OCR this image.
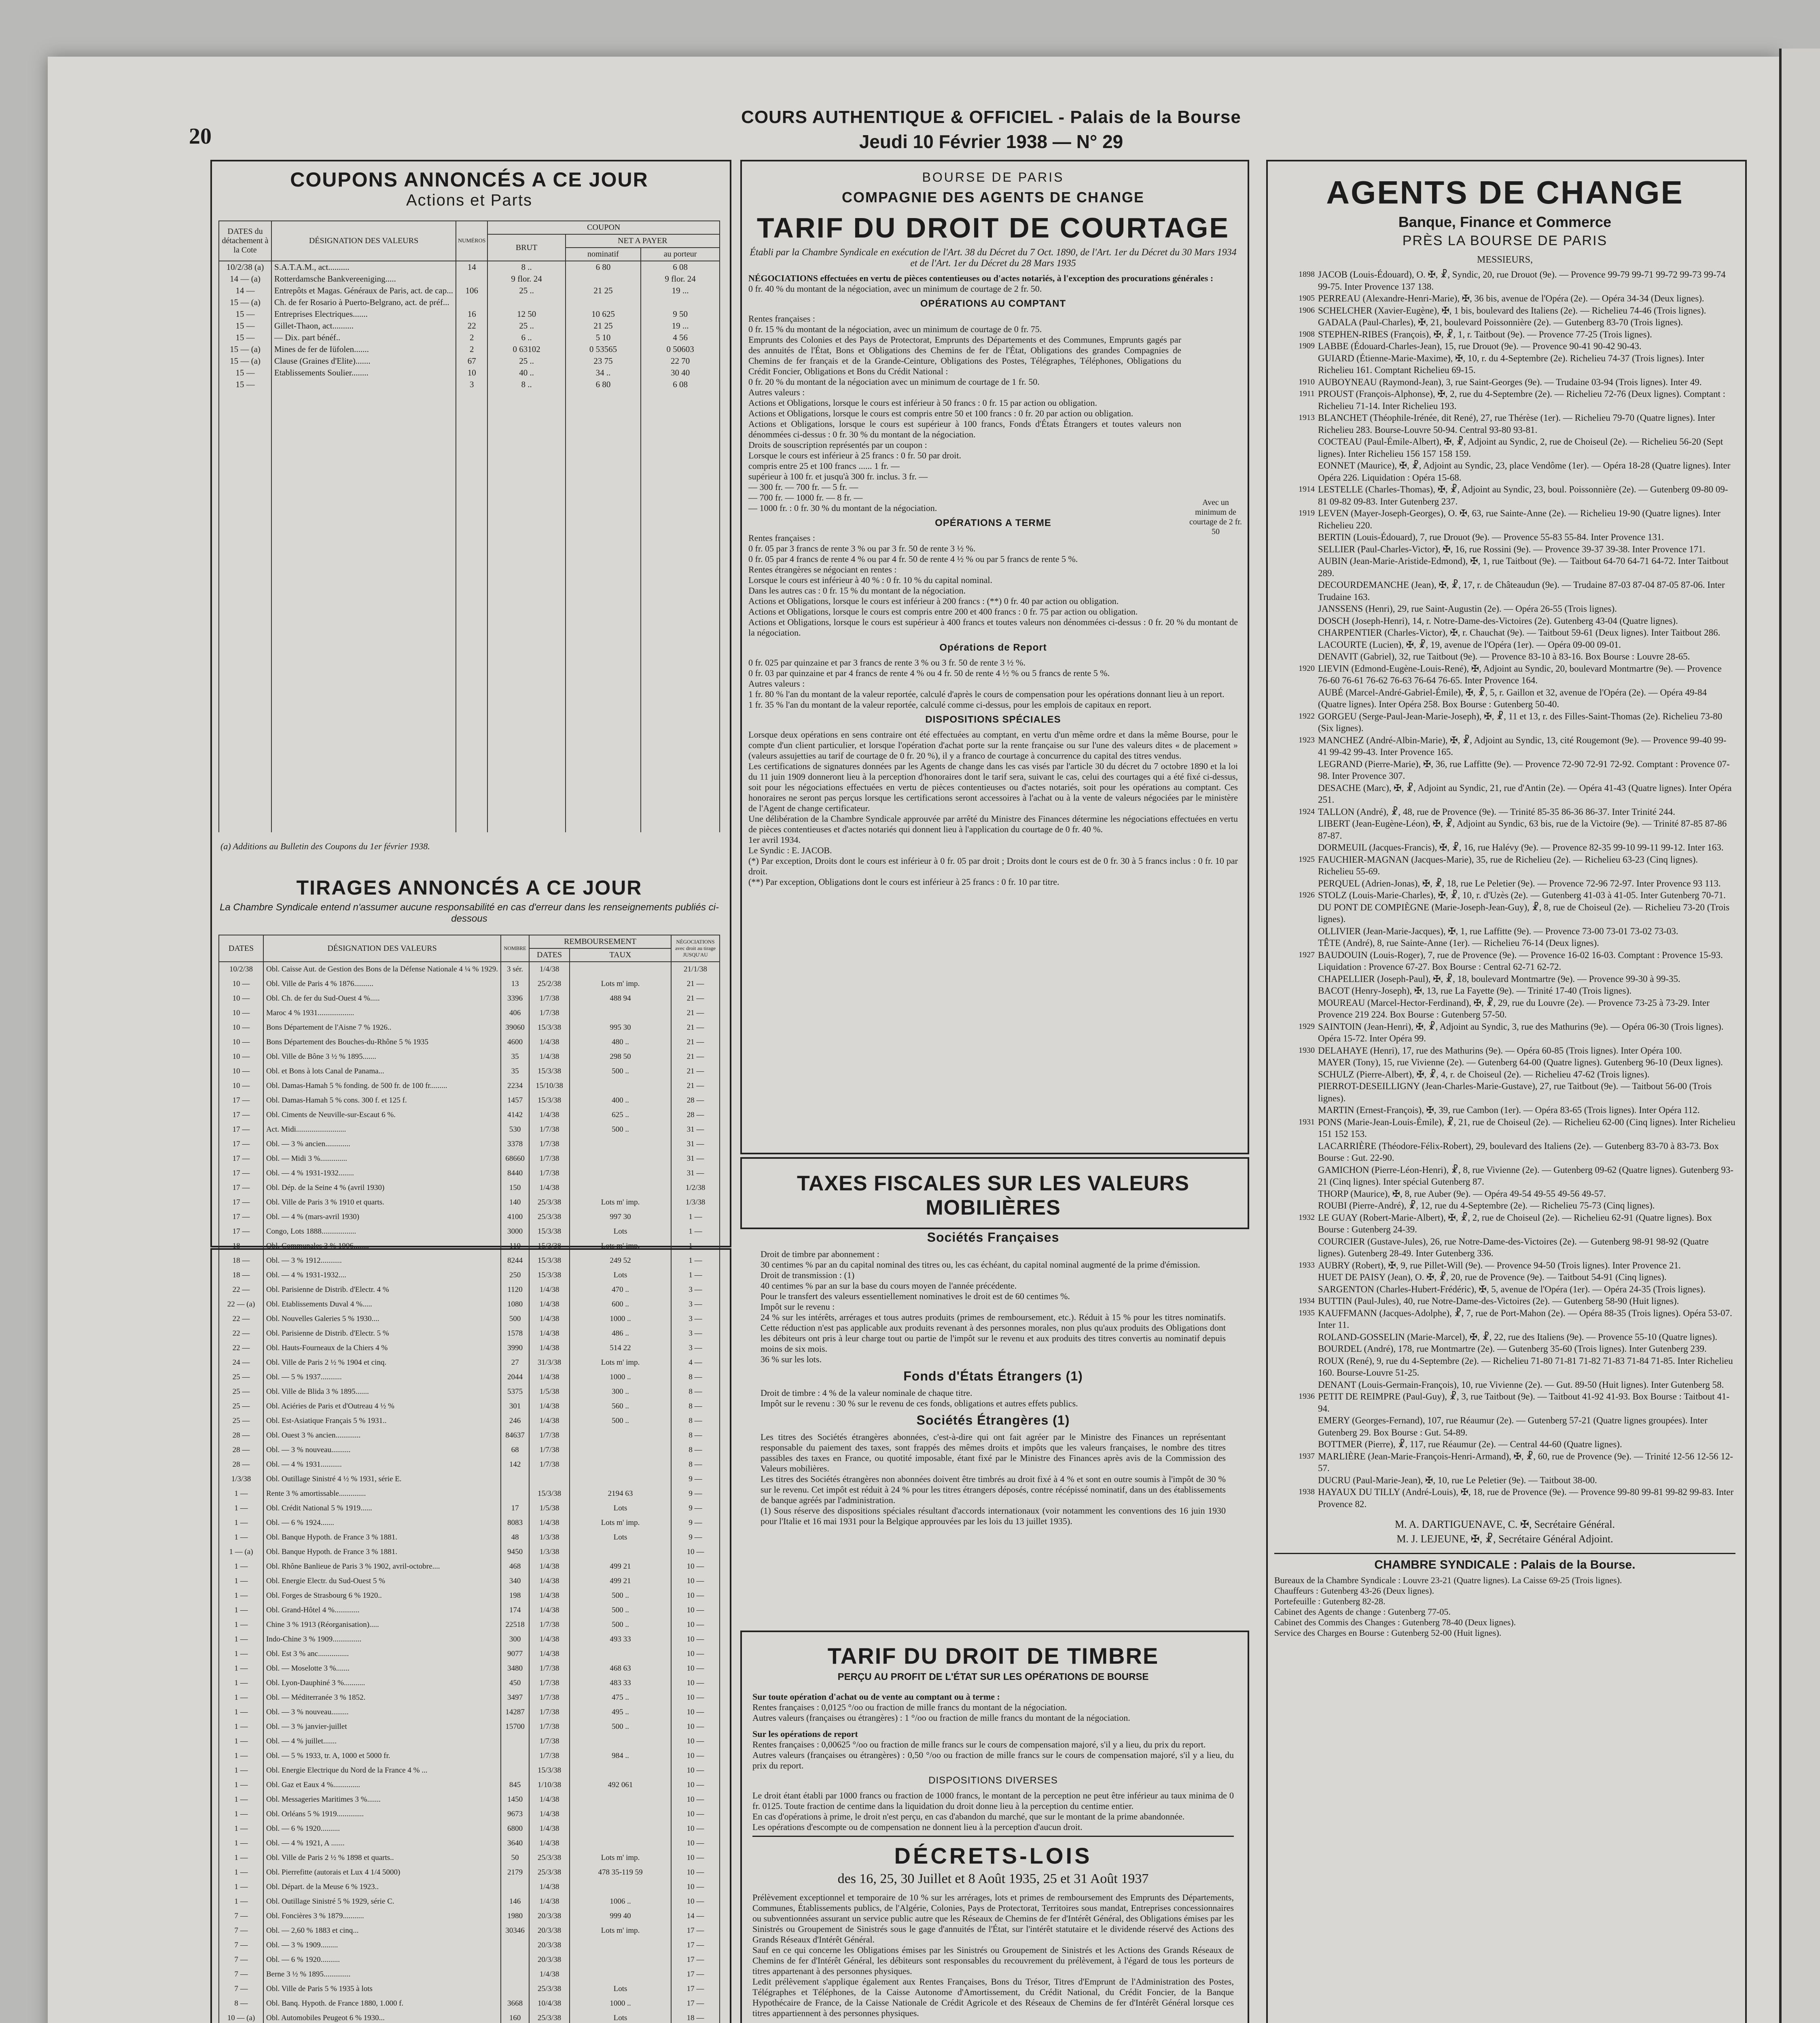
20
COURS AUTHENTIQUE & OFFICIEL - Palais de la Bourse
Jeudi 10 Février 1938 — N° 29
COUPONS ANNONCÉS A CE JOUR
Actions et Parts
DATES du détachement à la Cote	DÉSIGNATION DES VALEURS	NUMÉROS	COUPON		
			BRUT	NET A PAYER	
				nominatif	au porteur
10/2/38 (a)	S.A.T.A.M., act..........	14	8 ..	6 80	6 08
14 — (a)	Rotterdamsche Bankvereeniging.....		9 flor. 24		9 flor. 24
14 —	Entrepôts et Magas. Généraux de Paris, act. de cap...	106	25 ..	21 25	19 ...
15 — (a)	Ch. de fer Rosario à Puerto-Belgrano, act. de préf...				
15 —	Entreprises Electriques.......	16	12 50	10 625	9 50
15 —	Gillet-Thaon, act..........	22	25 ..	21 25	19 ...
15 —	— Dix. part bénéf..	2	6 ..	5 10	4 56
15 — (a)	Mines de fer de Iüfolen.......	2	0 63102	0 53565	0 50603
15 — (a)	Clause (Graines d'Elite).......	67	25 ..	23 75	22 70
15 —	Etablissements Soulier........	10	40 ..	34 ..	30 40
15 —		3	8 ..	6 80	6 08

(a) Additions au Bulletin des Coupons du 1er février 1938.
TIRAGES ANNONCÉS A CE JOUR
La Chambre Syndicale entend n'assumer aucune responsabilité en cas d'erreur dans les renseignements publiés ci-dessous
DATES	DÉSIGNATION DES VALEURS	NOMBRE	REMBOURSEMENT		NÉGOCIATIONS avec droit au tirage JUSQU'AU
			DATES	TAUX	
10/2/38	Obl. Caisse Aut. de Gestion des Bons de la Défense Nationale 4 ¼ % 1929.	3 sér.	1/4/38		21/1/38
10 —	Obl. Ville de Paris 4 % 1876..........	13	25/2/38	Lots m' imp.	21 —
10 —	Obl. Ch. de fer du Sud-Ouest 4 %.....	3396	1/7/38	488 94	21 —
10 —	Maroc 4 % 1931...................	406	1/7/38		21 —
10 —	Bons Département de l'Aisne 7 % 1926..	39060	15/3/38	995 30	21 —
10 —	Bons Département des Bouches-du-Rhône 5 % 1935	4600	1/4/38	480 ..	21 —
10 —	Obl. Ville de Bône 3 ½ % 1895.......	35	1/4/38	298 50	21 —
10 —	Obl. et Bons à lots Canal de Panama...	35	15/3/38	500 ..	21 —
10 —	Obl. Damas-Hamah 5 % fonding. de 500 fr. de 100 fr.........	2234	15/10/38		21 —
17 —	Obl. Damas-Hamah 5 % cons. 300 f. et 125 f.	1457	15/3/38	400 ..	28 —
17 —	Obl. Ciments de Neuville-sur-Escaut 6 %.	4142	1/4/38	625 ..	28 —
17 —	Act. Midi..........................	530	1/7/38	500 ..	31 —
17 —	Obl. — 3 % ancien.............	3378	1/7/38		31 —
17 —	Obl. — Midi 3 %..............	68660	1/7/38		31 —
17 —	Obl. — 4 % 1931-1932........	8440	1/7/38		31 —
17 —	Obl. Dép. de la Seine 4 % (avril 1930)	150	1/4/38		1/2/38
17 —	Obl. Ville de Paris 3 % 1910 et quarts.	140	25/3/38	Lots m' imp.	1/3/38
17 —	Obl. — 4 % (mars-avril 1930)	4100	25/3/38	997 30	1 —
17 —	Congo, Lots 1888..................	3000	15/3/38	Lots	1 —
18 —	Obl. Communales 3 % 1906........	110	15/3/38	Lots m' imp.	1 —
18 —	Obl. — 3 % 1912...........	8244	15/3/38	249 52	1 —
18 —	Obl. — 4 % 1931-1932....	250	15/3/38	Lots	1 —
22 —	Obl. Parisienne de Distrib. d'Electr. 4 %	1120	1/4/38	470 ..	3 —
22 — (a)	Obl. Etablissements Duval 4 %.....	1080	1/4/38	600 ..	3 —
22 —	Obl. Nouvelles Galeries 5 % 1930....	500	1/4/38	1000 ..	3 —
22 —	Obl. Parisienne de Distrib. d'Electr. 5 %	1578	1/4/38	486 ..	3 —
22 —	Obl. Hauts-Fourneaux de la Chiers 4 %	3990	1/4/38	514 22	3 —
24 —	Obl. Ville de Paris 2 ½ % 1904 et cinq.	27	31/3/38	Lots m' imp.	4 —
25 —	Obl. — 5 % 1937...........	2044	1/4/38	1000 ..	8 —
25 —	Obl. Ville de Blida 3 % 1895.......	5375	1/5/38	300 ..	8 —
25 —	Obl. Aciéries de Paris et d'Outreau 4 ½ %	301	1/4/38	560 ..	8 —
25 —	Obl. Est-Asiatique Français 5 % 1931..	246	1/4/38	500 ..	8 —
28 —	Obl. Ouest 3 % ancien.............	84637	1/7/38		8 —
28 —	Obl. — 3 % nouveau..........	68	1/7/38		8 —
28 —	Obl. — 4 % 1931...........	142	1/7/38		8 —
1/3/38	Obl. Outillage Sinistré 4 ½ % 1931, série E.				9 —
1 —	Rente 3 % amortissable..............		15/3/38	2194 63	9 —
1 —	Obl. Crédit National 5 % 1919......	17	1/5/38	Lots	9 —
1 —	Obl. — 6 % 1924.......	8083	1/4/38	Lots m' imp.	9 —
1 —	Obl. Banque Hypoth. de France 3 % 1881.	48	1/3/38	Lots	9 —
1 — (a)	Obl. Banque Hypoth. de France 3 % 1881.	9450	1/3/38		10 —
1 —	Obl. Rhône Banlieue de Paris 3 % 1902, avril-octobre....	468	1/4/38	499 21	10 —
1 —	Obl. Energie Electr. du Sud-Ouest 5 %	340	1/4/38	499 21	10 —
1 —	Obl. Forges de Strasbourg 6 % 1920..	198	1/4/38	500 ..	10 —
1 —	Obl. Grand-Hôtel 4 %.............	174	1/4/38	500 ..	10 —
1 —	Chine 3 % 1913 (Réorganisation).....	22518	1/7/38	500 ..	10 —
1 —	Indo-Chine 3 % 1909...............	300	1/4/38	493 33	10 —
1 —	Obl. Est 3 % anc................	9077	1/4/38		10 —
1 —	Obl. — Moselotte 3 %.......	3480	1/7/38	468 63	10 —
1 —	Obl. Lyon-Dauphiné 3 %...........	450	1/7/38	483 33	10 —
1 —	Obl. — Méditerranée 3 % 1852.	3497	1/7/38	475 ..	10 —
1 —	Obl. — 3 % nouveau.........	14287	1/7/38	495 ..	10 —
1 —	Obl. — 3 % janvier-juillet	15700	1/7/38	500 ..	10 —
1 —	Obl. — 4 % juillet.......		1/7/38		10 —
1 —	Obl. — 5 % 1933, tr. A, 1000 et 5000 fr.		1/7/38	984 ..	10 —
1 —	Obl. Energie Electrique du Nord de la France 4 % ...		15/3/38		10 —
1 —	Obl. Gaz et Eaux 4 %..............	845	1/10/38	492 061	10 —
1 —	Obl. Messageries Maritimes 3 %.......	1450	1/4/38		10 —
1 —	Obl. Orléans 5 % 1919..............	9673	1/4/38		10 —
1 —	Obl. — 6 % 1920..........	6800	1/4/38		10 —
1 —	Obl. — 4 % 1921, A .......	3640	1/4/38		10 —
1 —	Obl. Ville de Paris 2 ½ % 1898 et quarts..	50	25/3/38	Lots m' imp.	10 —
1 —	Obl. Pierrefitte (autorais et Lux 4 1/4 5000)	2179	25/3/38	478 35-119 59	10 —
1 —	Obl. Départ. de la Meuse 6 % 1923..		1/4/38		10 —
1 —	Obl. Outillage Sinistré 5 % 1929, série C.	146	1/4/38	1006 ..	10 —
7 —	Obl. Foncières 3 % 1879...........	1980	20/3/38	999 40	14 —
7 —	Obl. — 2,60 % 1883 et cinq...	30346	20/3/38	Lots m' imp.	17 —
7 —	Obl. — 3 % 1909.........		20/3/38		17 —
7 —	Obl. — 6 % 1920..........		20/3/38		17 —
7 —	Berne 3 ½ % 1895..............		1/4/38		17 —
7 —	Obl. Ville de Paris 5 % 1935 à lots		25/3/38	Lots	17 —
8 —	Obl. Banq. Hypoth. de France 1880, 1.000 f.	3668	10/4/38	1000 ..	17 —
10 — (a)	Obl. Automobiles Peugeot 6 % 1930...	160	25/3/38	Lots	18 —

BOURSE DE PARIS
COMPAGNIE DES AGENTS DE CHANGE
TARIF DU DROIT DE COURTAGE
Établi par la Chambre Syndicale en exécution de l'Art. 38 du Décret du 7 Oct. 1890, de l'Art. 1er du Décret du 30 Mars 1934 et de l'Art. 1er du Décret du 28 Mars 1935
NÉGOCIATIONS effectuées en vertu de pièces contentieuses ou d'actes notariés, à l'exception des procurations générales :
0 fr. 40 % du montant de la négociation, avec un minimum de courtage de 2 fr. 50.
OPÉRATIONS AU COMPTANT
Rentes françaises :
0 fr. 15 % du montant de la négociation, avec un minimum de courtage de 0 fr. 75.
Emprunts des Colonies et des Pays de Protectorat, Emprunts des Départements et des Communes, Emprunts gagés par des annuités de l'État, Bons et Obligations des Chemins de fer de l'État, Obligations des grandes Compagnies de Chemins de fer français et de la Grande-Ceinture, Obligations des Postes, Télégraphes, Téléphones, Obligations du Crédit Foncier, Obligations et Bons du Crédit National :
0 fr. 20 % du montant de la négociation avec un minimum de courtage de 1 fr. 50.
Autres valeurs :
Actions et Obligations, lorsque le cours est inférieur à 50 francs : 0 fr. 15 par action ou obligation.
Actions et Obligations, lorsque le cours est compris entre 50 et 100 francs : 0 fr. 20 par action ou obligation.
Actions et Obligations, lorsque le cours est supérieur à 100 francs, Fonds d'États Étrangers et toutes valeurs non dénommées ci-dessus : 0 fr. 30 % du montant de la négociation.
Droits de souscription représentés par un coupon :
Lorsque le cours est inférieur à 25 francs : 0 fr. 50 par droit.
compris entre 25 et 100 francs ...... 1 fr. —
supérieur à 100 fr. et jusqu'à 300 fr. inclus. 3 fr. —
— 300 fr. — 700 fr. — 5 fr. —
— 700 fr. — 1000 fr. — 8 fr. —
— 1000 fr. : 0 fr. 30 % du montant de la négociation.
OPÉRATIONS A TERME
Rentes françaises :
0 fr. 05 par 3 francs de rente 3 % ou par 3 fr. 50 de rente 3 ½ %.
0 fr. 05 par 4 francs de rente 4 % ou par 4 fr. 50 de rente 4 ½ % ou par 5 francs de rente 5 %.
Rentes étrangères se négociant en rentes :
Lorsque le cours est inférieur à 40 % : 0 fr. 10 % du capital nominal.
Dans les autres cas : 0 fr. 15 % du montant de la négociation.
Actions et Obligations, lorsque le cours est inférieur à 200 francs : (**) 0 fr. 40 par action ou obligation.
Actions et Obligations, lorsque le cours est compris entre 200 et 400 francs : 0 fr. 75 par action ou obligation.
Actions et Obligations, lorsque le cours est supérieur à 400 francs et toutes valeurs non dénommées ci-dessus : 0 fr. 20 % du montant de la négociation.
Opérations de Report
0 fr. 025 par quinzaine et par 3 francs de rente 3 % ou 3 fr. 50 de rente 3 ½ %.
0 fr. 03 par quinzaine et par 4 francs de rente 4 % ou 4 fr. 50 de rente 4 ½ % ou 5 francs de rente 5 %.
Autres valeurs :
1 fr. 80 % l'an du montant de la valeur reportée, calculé d'après le cours de compensation pour les opérations donnant lieu à un report.
1 fr. 35 % l'an du montant de la valeur reportée, calculé comme ci-dessus, pour les emplois de capitaux en report.
DISPOSITIONS SPÉCIALES
Lorsque deux opérations en sens contraire ont été effectuées au comptant, en vertu d'un même ordre et dans la même Bourse, pour le compte d'un client particulier, et lorsque l'opération d'achat porte sur la rente française ou sur l'une des valeurs dites « de placement » (valeurs assujetties au tarif de courtage de 0 fr. 20 %), il y a franco de courtage à concurrence du capital des titres vendus.
Les certifications de signatures données par les Agents de change dans les cas visés par l'article 30 du décret du 7 octobre 1890 et la loi du 11 juin 1909 donneront lieu à la perception d'honoraires dont le tarif sera, suivant le cas, celui des courtages qui a été fixé ci-dessus, soit pour les négociations effectuées en vertu de pièces contentieuses ou d'actes notariés, soit pour les opérations au comptant. Ces honoraires ne seront pas perçus lorsque les certifications seront accessoires à l'achat ou à la vente de valeurs négociées par le ministère de l'Agent de change certificateur.
Une délibération de la Chambre Syndicale approuvée par arrêté du Ministre des Finances détermine les négociations effectuées en vertu de pièces contentieuses et d'actes notariés qui donnent lieu à l'application du courtage de 0 fr. 40 %.
1er avril 1934.
Le Syndic : E. JACOB.
(*) Par exception, Droits dont le cours est inférieur à 0 fr. 05 par droit ; Droits dont le cours est de 0 fr. 30 à 5 francs inclus : 0 fr. 10 par droit.
(**) Par exception, Obligations dont le cours est inférieur à 25 francs : 0 fr. 10 par titre.
Avec un minimum de courtage de 2 fr. 50
TAXES FISCALES SUR LES VALEURS MOBILIÈRES
Sociétés Françaises
Droit de timbre par abonnement :
30 centimes % par an du capital nominal des titres ou, les cas échéant, du capital nominal augmenté de la prime d'émission.
Droit de transmission : (1)
40 centimes % par an sur la base du cours moyen de l'année précédente.
Pour le transfert des valeurs essentiellement nominatives le droit est de 60 centimes %.
Impôt sur le revenu :
24 % sur les intérêts, arrérages et tous autres produits (primes de remboursement, etc.). Réduit à 15 % pour les titres nominatifs. Cette réduction n'est pas applicable aux produits revenant à des personnes morales, non plus qu'aux produits des Obligations dont les débiteurs ont pris à leur charge tout ou partie de l'impôt sur le revenu et aux produits des titres convertis au nominatif depuis moins de six mois.
36 % sur les lots.
Fonds d'États Étrangers (1)
Droit de timbre : 4 % de la valeur nominale de chaque titre.
Impôt sur le revenu : 30 % sur le revenu de ces fonds, obligations et autres effets publics.
Sociétés Étrangères (1)
Les titres des Sociétés étrangères abonnées, c'est-à-dire qui ont fait agréer par le Ministre des Finances un représentant responsable du paiement des taxes, sont frappés des mêmes droits et impôts que les valeurs françaises, le nombre des titres passibles des taxes en France, ou quotité imposable, étant fixé par le Ministre des Finances après avis de la Commission des Valeurs mobilières.
Les titres des Sociétés étrangères non abonnées doivent être timbrés au droit fixé à 4 % et sont en outre soumis à l'impôt de 30 % sur le revenu. Cet impôt est réduit à 24 % pour les titres étrangers déposés, contre récépissé nominatif, dans un des établissements de banque agréés par l'administration.
(1) Sous réserve des dispositions spéciales résultant d'accords internationaux (voir notamment les conventions des 16 juin 1930 pour l'Italie et 16 mai 1931 pour la Belgique approuvées par les lois du 13 juillet 1935).
TARIF DU DROIT DE TIMBRE
PERÇU AU PROFIT DE L'ÉTAT SUR LES OPÉRATIONS DE BOURSE
Sur toute opération d'achat ou de vente au comptant ou à terme :
Rentes françaises : 0,0125 °/oo ou fraction de mille francs du montant de la négociation.
Autres valeurs (françaises ou étrangères) : 1 °/oo ou fraction de mille francs du montant de la négociation.
Sur les opérations de report
Rentes françaises : 0,00625 °/oo ou fraction de mille francs sur le cours de compensation majoré, s'il y a lieu, du prix du report.
Autres valeurs (françaises ou étrangères) : 0,50 °/oo ou fraction de mille francs sur le cours de compensation majoré, s'il y a lieu, du prix du report.
DISPOSITIONS DIVERSES
Le droit étant établi par 1000 francs ou fraction de 1000 francs, le montant de la perception ne peut être inférieur au taux minima de 0 fr. 0125. Toute fraction de centime dans la liquidation du droit donne lieu à la perception du centime entier.
En cas d'opérations à prime, le droit n'est perçu, en cas d'abandon du marché, que sur le montant de la prime abandonnée.
Les opérations d'escompte ou de compensation ne donnent lieu à la perception d'aucun droit.
DÉCRETS-LOIS
des 16, 25, 30 Juillet et 8 Août 1935, 25 et 31 Août 1937
Prélèvement exceptionnel et temporaire de 10 % sur les arrérages, lots et primes de remboursement des Emprunts des Départements, Communes, Établissements publics, de l'Algérie, Colonies, Pays de Protectorat, Territoires sous mandat, Entreprises concessionnaires ou subventionnées assurant un service public autre que les Réseaux de Chemins de fer d'Intérêt Général, des Obligations émises par les Sinistrés ou Groupement de Sinistrés sous le gage d'annuités de l'État, sur l'intérêt statutaire et le dividende réservé des Actions des Grands Réseaux d'Intérêt Général.
Sauf en ce qui concerne les Obligations émises par les Sinistrés ou Groupement de Sinistrés et les Actions des Grands Réseaux de Chemins de fer d'Intérêt Général, les débiteurs sont responsables du recouvrement du prélèvement, à l'égard de tous les porteurs de titres appartenant à des personnes physiques.
Ledit prélèvement s'applique également aux Rentes Françaises, Bons du Trésor, Titres d'Emprunt de l'Administration des Postes, Télégraphes et Téléphones, de la Caisse Autonome d'Amortissement, du Crédit National, du Crédit Foncier, de la Banque Hypothécaire de France, de la Caisse Nationale de Crédit Agricole et des Réseaux de Chemins de fer d'Intérêt Général lorsque ces titres appartiennent à des personnes physiques.
AGENTS DE CHANGE
Banque, Finance et Commerce
PRÈS LA BOURSE DE PARIS
MESSIEURS,
1898 JACOB (Louis-Édouard), O. ✠, ☧, Syndic, 20, rue Drouot (9e). — Provence 99-79 99-71 99-72 99-73 99-74 99-75. Inter Provence 137 138.
1905 PERREAU (Alexandre-Henri-Marie), ✠, 36 bis, avenue de l'Opéra (2e). — Opéra 34-34 (Deux lignes).
1906 SCHELCHER (Xavier-Eugène), ✠, 1 bis, boulevard des Italiens (2e). — Richelieu 74-46 (Trois lignes).
GADALA (Paul-Charles), ✠, 21, boulevard Poissonnière (2e). — Gutenberg 83-70 (Trois lignes).
1908 STEPHEN-RIBES (François), ✠, ☧, 1, r. Taitbout (9e). — Provence 77-25 (Trois lignes).
1909 LABBE (Édouard-Charles-Jean), 15, rue Drouot (9e). — Provence 90-41 90-42 90-43.
GUIARD (Étienne-Marie-Maxime), ✠, 10, r. du 4-Septembre (2e). Richelieu 74-37 (Trois lignes). Inter Richelieu 161. Comptant Richelieu 69-15.
1910 AUBOYNEAU (Raymond-Jean), 3, rue Saint-Georges (9e). — Trudaine 03-94 (Trois lignes). Inter 49.
1911 PROUST (François-Alphonse), ✠, 2, rue du 4-Septembre (2e). — Richelieu 72-76 (Deux lignes). Comptant : Richelieu 71-14. Inter Richelieu 193.
1913 BLANCHET (Théophile-Irénée, dit René), 27, rue Thérèse (1er). — Richelieu 79-70 (Quatre lignes). Inter Richelieu 283. Bourse-Louvre 50-94. Central 93-80 93-81.
COCTEAU (Paul-Émile-Albert), ✠, ☧, Adjoint au Syndic, 2, rue de Choiseul (2e). — Richelieu 56-20 (Sept lignes). Inter Richelieu 156 157 158 159.
EONNET (Maurice), ✠, ☧, Adjoint au Syndic, 23, place Vendôme (1er). — Opéra 18-28 (Quatre lignes). Inter Opéra 226. Liquidation : Opéra 15-68.
1914 LESTELLE (Charles-Thomas), ✠, ☧, Adjoint au Syndic, 23, boul. Poissonnière (2e). — Gutenberg 09-80 09-81 09-82 09-83. Inter Gutenberg 237.
1919 LEVEN (Mayer-Joseph-Georges), O. ✠, 63, rue Sainte-Anne (2e). — Richelieu 19-90 (Quatre lignes). Inter Richelieu 220.
BERTIN (Louis-Édouard), 7, rue Drouot (9e). — Provence 55-83 55-84. Inter Provence 131.
SELLIER (Paul-Charles-Victor), ✠, 16, rue Rossini (9e). — Provence 39-37 39-38. Inter Provence 171.
AUBIN (Jean-Marie-Aristide-Edmond), ✠, 1, rue Taitbout (9e). — Taitbout 64-70 64-71 64-72. Inter Taitbout 289.
DECOURDEMANCHE (Jean), ✠, ☧, 17, r. de Châteaudun (9e). — Trudaine 87-03 87-04 87-05 87-06. Inter Trudaine 163.
JANSSENS (Henri), 29, rue Saint-Augustin (2e). — Opéra 26-55 (Trois lignes).
DOSCH (Joseph-Henri), 14, r. Notre-Dame-des-Victoires (2e). Gutenberg 43-04 (Quatre lignes).
CHARPENTIER (Charles-Victor), ✠, r. Chauchat (9e). — Taitbout 59-61 (Deux lignes). Inter Taitbout 286.
LACOURTE (Lucien), ✠, ☧, 19, avenue de l'Opéra (1er). — Opéra 09-00 09-01.
DENAVIT (Gabriel), 32, rue Taitbout (9e). — Provence 83-10 à 83-16. Box Bourse : Louvre 28-65.
1920 LIEVIN (Edmond-Eugène-Louis-René), ✠, Adjoint au Syndic, 20, boulevard Montmartre (9e). — Provence 76-60 76-61 76-62 76-63 76-64 76-65. Inter Provence 164.
AUBÉ (Marcel-André-Gabriel-Émile), ✠, ☧, 5, r. Gaillon et 32, avenue de l'Opéra (2e). — Opéra 49-84 (Quatre lignes). Inter Opéra 258. Box Bourse : Gutenberg 50-40.
1922 GORGEU (Serge-Paul-Jean-Marie-Joseph), ✠, ☧, 11 et 13, r. des Filles-Saint-Thomas (2e). Richelieu 73-80 (Six lignes).
1923 MANCHEZ (André-Albin-Marie), ✠, ☧, Adjoint au Syndic, 13, cité Rougemont (9e). — Provence 99-40 99-41 99-42 99-43. Inter Provence 165.
LEGRAND (Pierre-Marie), ✠, 36, rue Laffitte (9e). — Provence 72-90 72-91 72-92. Comptant : Provence 07-98. Inter Provence 307.
DESACHE (Marc), ✠, ☧, Adjoint au Syndic, 21, rue d'Antin (2e). — Opéra 41-43 (Quatre lignes). Inter Opéra 251.
1924 TALLON (André), ☧, 48, rue de Provence (9e). — Trinité 85-35 86-36 86-37. Inter Trinité 244.
LIBERT (Jean-Eugène-Léon), ✠, ☧, Adjoint au Syndic, 63 bis, rue de la Victoire (9e). — Trinité 87-85 87-86 87-87.
DORMEUIL (Jacques-Francis), ✠, ☧, 16, rue Halévy (9e). — Provence 82-35 99-10 99-11 99-12. Inter 163.
1925 FAUCHIER-MAGNAN (Jacques-Marie), 35, rue de Richelieu (2e). — Richelieu 63-23 (Cinq lignes). Richelieu 55-69.
PERQUEL (Adrien-Jonas), ✠, ☧, 18, rue Le Peletier (9e). — Provence 72-96 72-97. Inter Provence 93 113.
1926 STOLZ (Louis-Marie-Charles), ✠, ☧, 10, r. d'Uzès (2e). — Gutenberg 41-03 à 41-05. Inter Gutenberg 70-71.
DU PONT DE COMPIÈGNE (Marie-Joseph-Jean-Guy), ☧, 8, rue de Choiseul (2e). — Richelieu 73-20 (Trois lignes).
OLLIVIER (Jean-Marie-Jacques), ✠, 1, rue Laffitte (9e). — Provence 73-00 73-01 73-02 73-03.
TÊTE (André), 8, rue Sainte-Anne (1er). — Richelieu 76-14 (Deux lignes).
1927 BAUDOUIN (Louis-Roger), 7, rue de Provence (9e). — Provence 16-02 16-03. Comptant : Provence 15-93. Liquidation : Provence 67-27. Box Bourse : Central 62-71 62-72.
CHAPELLIER (Joseph-Paul), ✠, ☧, 18, boulevard Montmartre (9e). — Provence 99-30 à 99-35.
BACOT (Henry-Joseph), ✠, 13, rue La Fayette (9e). — Trinité 17-40 (Trois lignes).
MOUREAU (Marcel-Hector-Ferdinand), ✠, ☧, 29, rue du Louvre (2e). — Provence 73-25 à 73-29. Inter Provence 219 224. Box Bourse : Gutenberg 57-50.
1929 SAINTOIN (Jean-Henri), ✠, ☧, Adjoint au Syndic, 3, rue des Mathurins (9e). — Opéra 06-30 (Trois lignes). Opéra 15-72. Inter Opéra 99.
1930 DELAHAYE (Henri), 17, rue des Mathurins (9e). — Opéra 60-85 (Trois lignes). Inter Opéra 100.
MAYER (Tony), 15, rue Vivienne (2e). — Gutenberg 64-00 (Quatre lignes). Gutenberg 96-10 (Deux lignes).
SCHULZ (Pierre-Albert), ✠, ☧, 4, r. de Choiseul (2e). — Richelieu 47-62 (Trois lignes).
PIERROT-DESEILLIGNY (Jean-Charles-Marie-Gustave), 27, rue Taitbout (9e). — Taitbout 56-00 (Trois lignes).
MARTIN (Ernest-François), ✠, 39, rue Cambon (1er). — Opéra 83-65 (Trois lignes). Inter Opéra 112.
1931 PONS (Marie-Jean-Louis-Émile), ☧, 21, rue de Choiseul (2e). — Richelieu 62-00 (Cinq lignes). Inter Richelieu 151 152 153.
LACARRIÈRE (Théodore-Félix-Robert), 29, boulevard des Italiens (2e). — Gutenberg 83-70 à 83-73. Box Bourse : Gut. 22-90.
GAMICHON (Pierre-Léon-Henri), ☧, 8, rue Vivienne (2e). — Gutenberg 09-62 (Quatre lignes). Gutenberg 93-21 (Cinq lignes). Inter spécial Gutenberg 87.
THORP (Maurice), ✠, 8, rue Auber (9e). — Opéra 49-54 49-55 49-56 49-57.
ROUBI (Pierre-André), ☧, 12, rue du 4-Septembre (2e). — Richelieu 75-73 (Cinq lignes).
1932 LE GUAY (Robert-Marie-Albert), ✠, ☧, 2, rue de Choiseul (2e). — Richelieu 62-91 (Quatre lignes). Box Bourse : Gutenberg 24-39.
COURCIER (Gustave-Jules), 26, rue Notre-Dame-des-Victoires (2e). — Gutenberg 98-91 98-92 (Quatre lignes). Gutenberg 28-49. Inter Gutenberg 336.
1933 AUBRY (Robert), ✠, 9, rue Pillet-Will (9e). — Provence 94-50 (Trois lignes). Inter Provence 21.
HUET DE PAISY (Jean), O. ✠, ☧, 20, rue de Provence (9e). — Taitbout 54-91 (Cinq lignes).
SARGENTON (Charles-Hubert-Frédéric), ✠, 5, avenue de l'Opéra (1er). — Opéra 24-35 (Trois lignes).
1934 BUTTIN (Paul-Jules), 40, rue Notre-Dame-des-Victoires (2e). — Gutenberg 58-90 (Huit lignes).
1935 KAUFFMANN (Jacques-Adolphe), ☧, 7, rue de Port-Mahon (2e). — Opéra 88-35 (Trois lignes). Opéra 53-07. Inter 11.
ROLAND-GOSSELIN (Marie-Marcel), ✠, ☧, 22, rue des Italiens (9e). — Provence 55-10 (Quatre lignes).
BOURDEL (André), 178, rue Montmartre (2e). — Gutenberg 35-60 (Trois lignes). Inter Gutenberg 239.
ROUX (René), 9, rue du 4-Septembre (2e). — Richelieu 71-80 71-81 71-82 71-83 71-84 71-85. Inter Richelieu 160. Bourse-Louvre 51-25.
DENANT (Louis-Germain-François), 10, rue Vivienne (2e). — Gut. 89-50 (Huit lignes). Inter Gutenberg 58.
1936 PETIT DE REIMPRE (Paul-Guy), ☧, 3, rue Taitbout (9e). — Taitbout 41-92 41-93. Box Bourse : Taitbout 41-94.
EMERY (Georges-Fernand), 107, rue Réaumur (2e). — Gutenberg 57-21 (Quatre lignes groupées). Inter Gutenberg 29. Box Bourse : Gut. 54-89.
BOTTMER (Pierre), ☧, 117, rue Réaumur (2e). — Central 44-60 (Quatre lignes).
1937 MARLIÈRE (Jean-Marie-François-Henri-Armand), ✠, ☧, 60, rue de Provence (9e). — Trinité 12-56 12-56 12-57.
DUCRU (Paul-Marie-Jean), ✠, 10, rue Le Peletier (9e). — Taitbout 38-00.
1938 HAYAUX DU TILLY (André-Louis), ✠, 18, rue de Provence (9e). — Provence 99-80 99-81 99-82 99-83. Inter Provence 82.
M. A. DARTIGUENAVE, C. ✠, Secrétaire Général.
M. J. LEJEUNE, ✠, ☧, Secrétaire Général Adjoint.
CHAMBRE SYNDICALE : Palais de la Bourse.
Bureaux de la Chambre Syndicale : Louvre 23-21 (Quatre lignes). La Caisse 69-25 (Trois lignes).
Chauffeurs : Gutenberg 43-26 (Deux lignes).
Portefeuille : Gutenberg 82-28.
Cabinet des Agents de change : Gutenberg 77-05.
Cabinet des Commis des Changes : Gutenberg 78-40 (Deux lignes).
Service des Charges en Bourse : Gutenberg 52-00 (Huit lignes).
